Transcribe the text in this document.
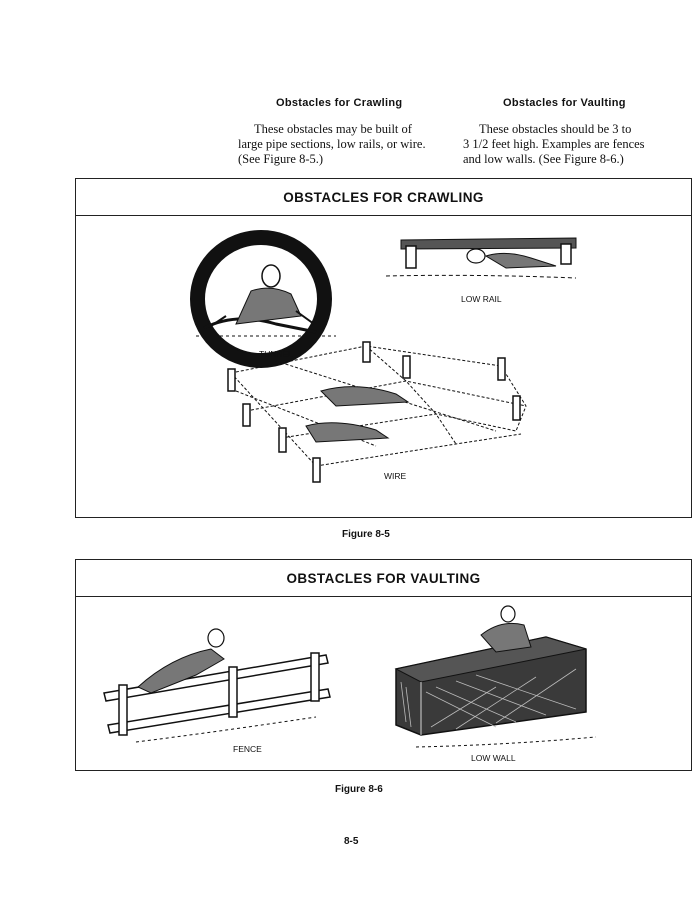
Obstacles for Crawling	Obstacles for Vaulting
These obstacles may be built of
large pipe sections, low rails, or wire.
(See Figure 8-5.)
These obstacles should be 3 to
3 1/2 feet high. Examples are fences
and low walls. (See Figure 8-6.)
OBSTACLES FOR CRAWLING
TUNNEL
LOW RAIL
WIRE
Figure 8-5
OBSTACLES FOR VAULTING
FENCE
LOW WALL
Figure 8-6
8-5
